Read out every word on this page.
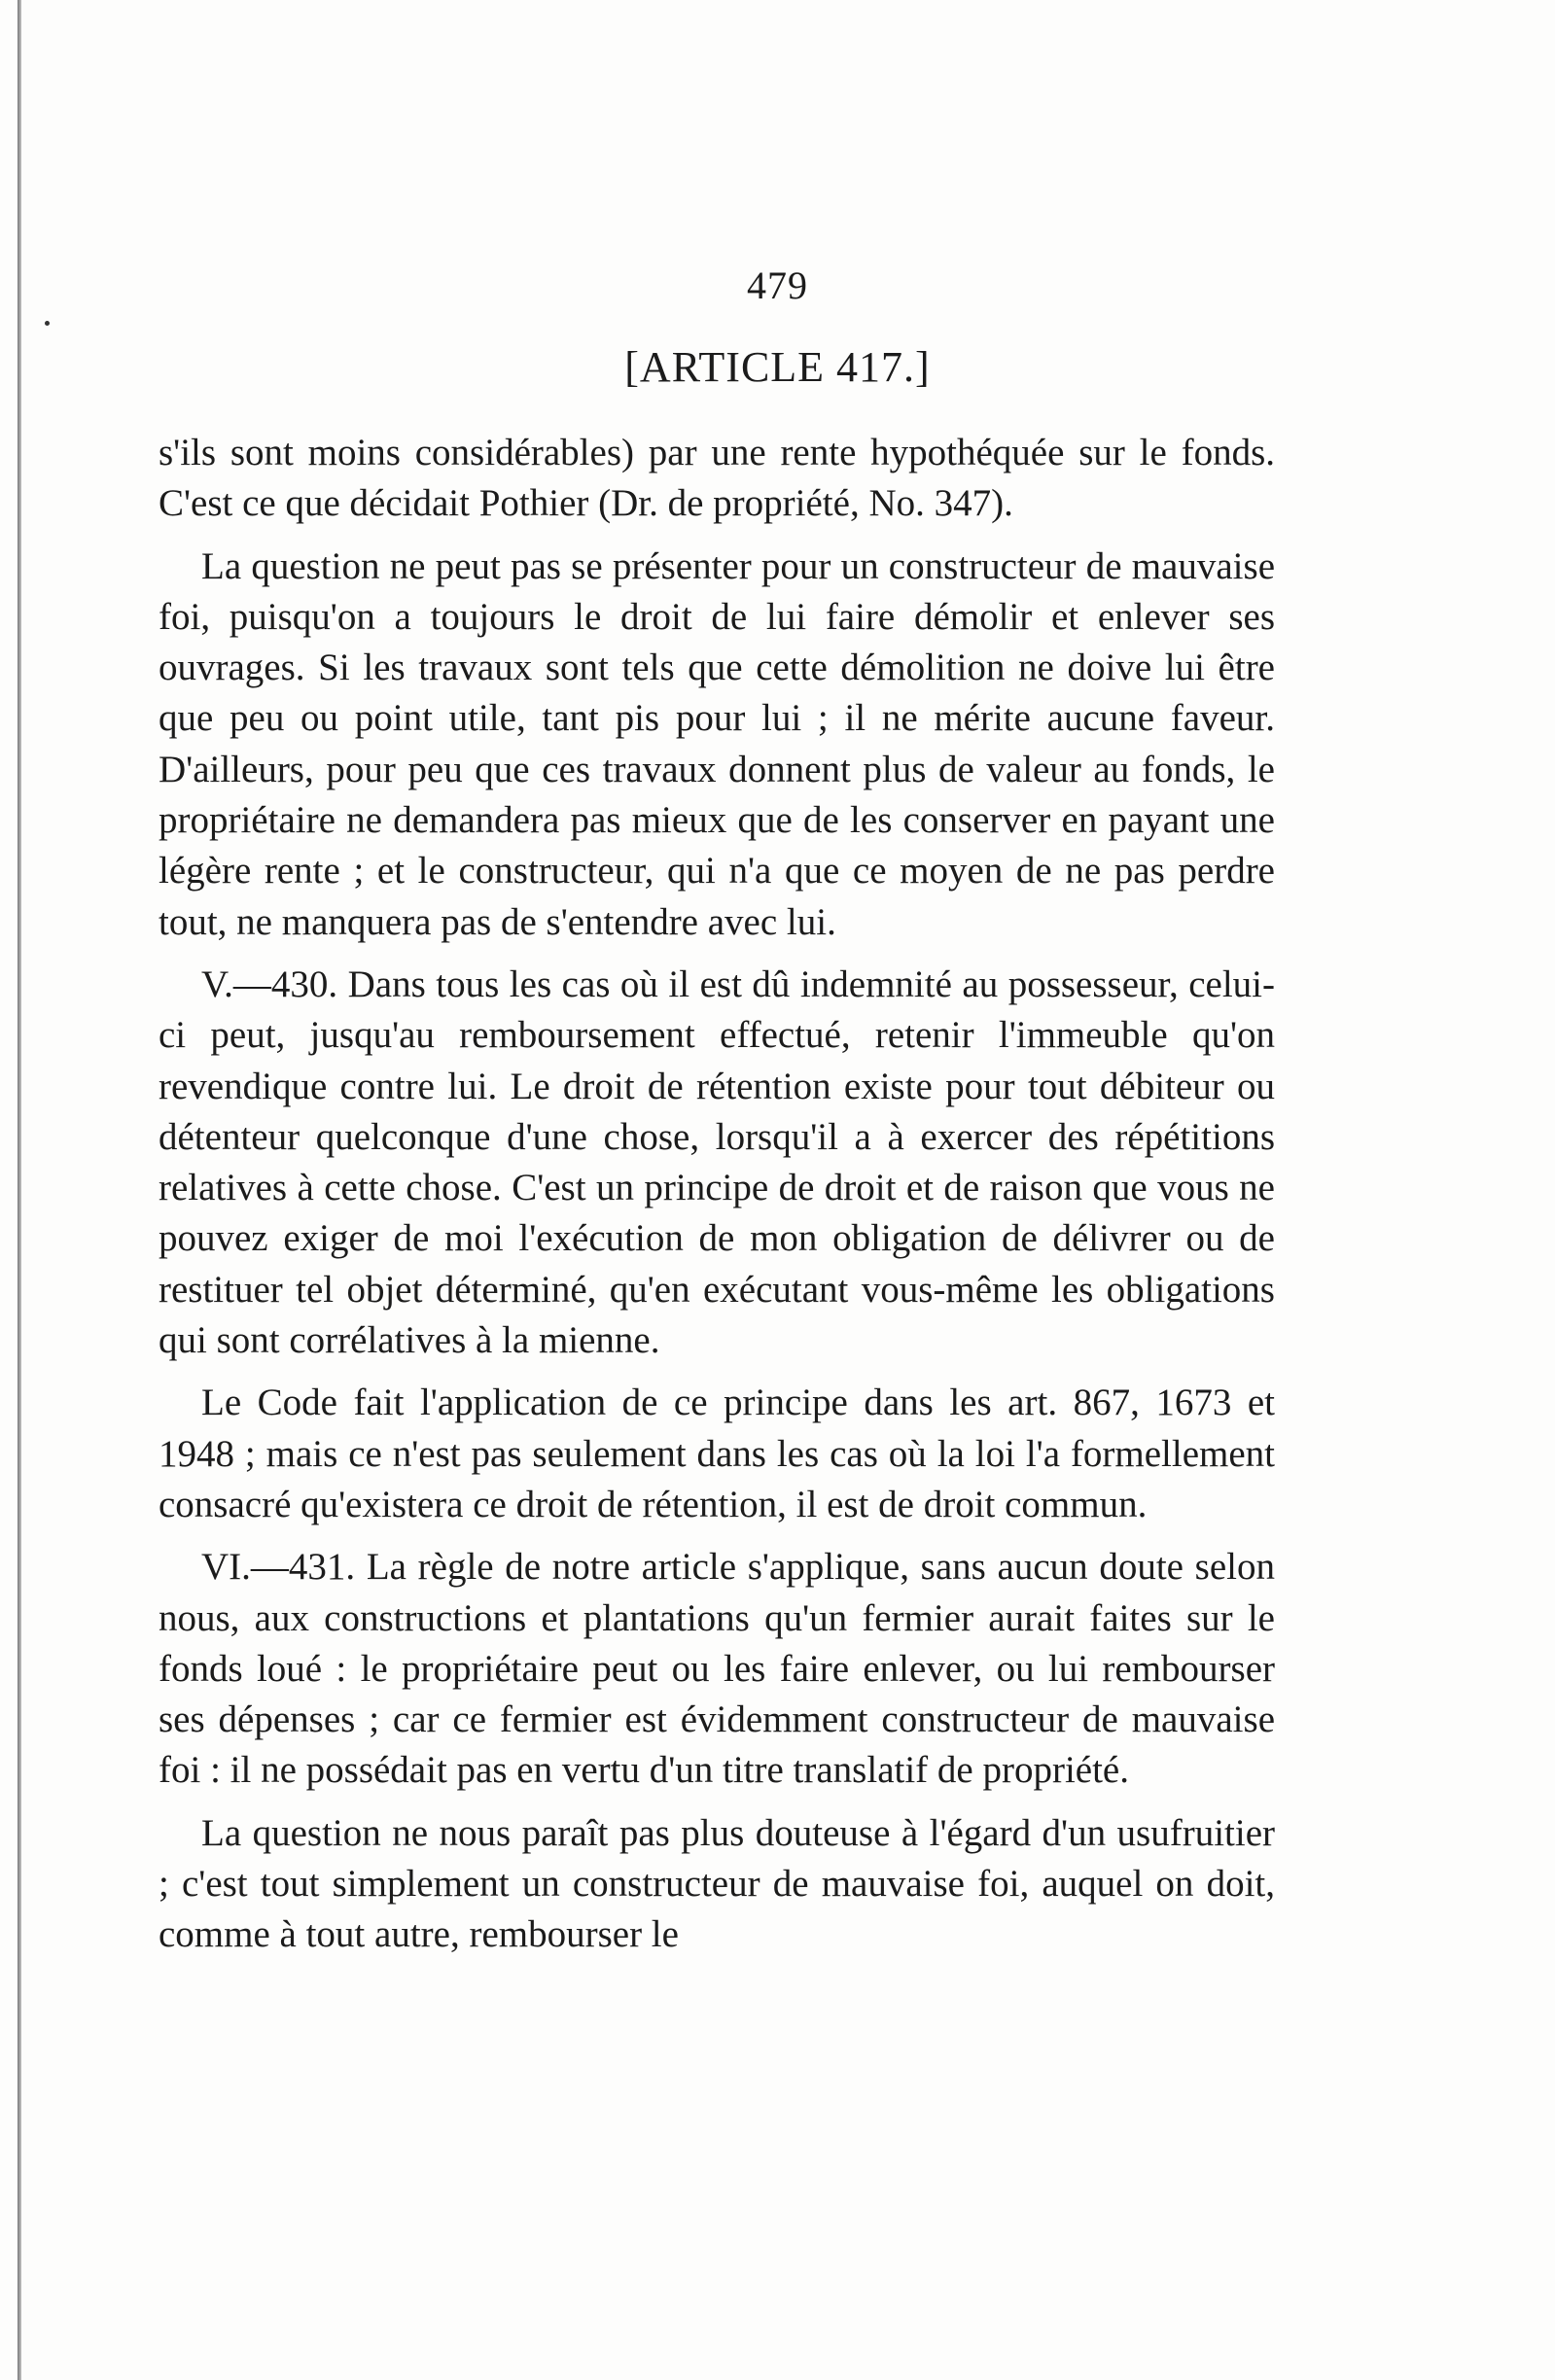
479
[ARTICLE 417.]

s'ils sont moins considérables) par une rente hypothéquée sur le fonds. C'est ce que décidait Pothier (Dr. de propriété, No. 347).

La question ne peut pas se présenter pour un constructeur de mauvaise foi, puisqu'on a toujours le droit de lui faire démolir et enlever ses ouvrages. Si les travaux sont tels que cette démolition ne doive lui être que peu ou point utile, tant pis pour lui ; il ne mérite aucune faveur. D'ailleurs, pour peu que ces travaux donnent plus de valeur au fonds, le propriétaire ne demandera pas mieux que de les conserver en payant une légère rente ; et le constructeur, qui n'a que ce moyen de ne pas perdre tout, ne manquera pas de s'entendre avec lui.

V.—430. Dans tous les cas où il est dû indemnité au possesseur, celui-ci peut, jusqu'au remboursement effectué, retenir l'immeuble qu'on revendique contre lui. Le droit de rétention existe pour tout débiteur ou détenteur quelconque d'une chose, lorsqu'il a à exercer des répétitions relatives à cette chose. C'est un principe de droit et de raison que vous ne pouvez exiger de moi l'exécution de mon obligation de délivrer ou de restituer tel objet déterminé, qu'en exécutant vous-même les obligations qui sont corrélatives à la mienne.

Le Code fait l'application de ce principe dans les art. 867, 1673 et 1948 ; mais ce n'est pas seulement dans les cas où la loi l'a formellement consacré qu'existera ce droit de rétention, il est de droit commun.

VI.—431. La règle de notre article s'applique, sans aucun doute selon nous, aux constructions et plantations qu'un fermier aurait faites sur le fonds loué : le propriétaire peut ou les faire enlever, ou lui rembourser ses dépenses ; car ce fermier est évidemment constructeur de mauvaise foi : il ne possédait pas en vertu d'un titre translatif de propriété.

La question ne nous paraît pas plus douteuse à l'égard d'un usufruitier ; c'est tout simplement un constructeur de mauvaise foi, auquel on doit, comme à tout autre, rembourser le
